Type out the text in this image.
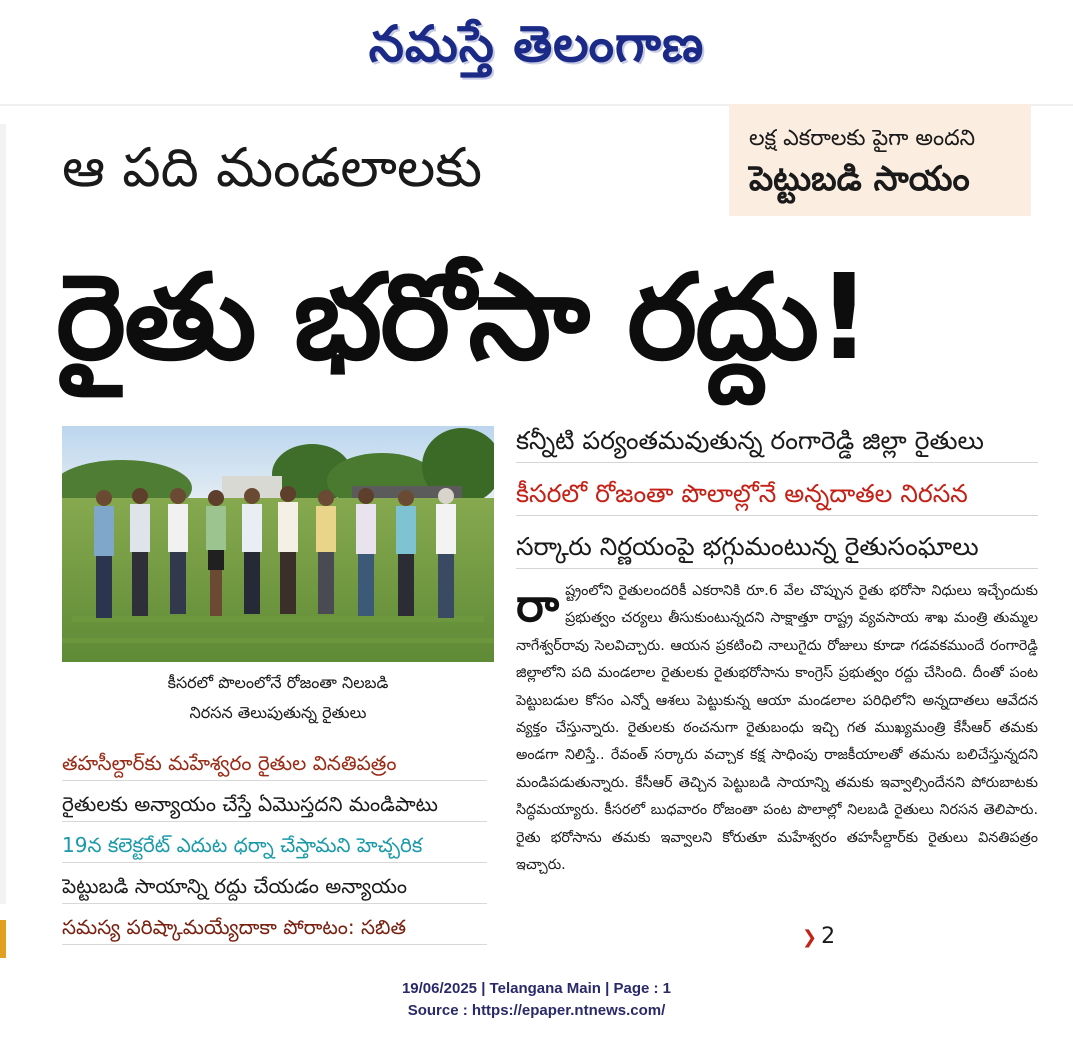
నమస్తే తెలంగాణ
ఆ పది మండలాలకు	లక్ష ఎకరాలకు పైగా అందని
పెట్టుబడి సాయం
రైతు భరోసా రద్దు!
కీసరలో పొలంలోనే రోజంతా నిలబడి
నిరసన తెలుపుతున్న రైతులు
కన్నీటి పర్యంతమవుతున్న రంగారెడ్డి జిల్లా రైతులు
కీసరలో రోజంతా పొలాల్లోనే అన్నదాతల నిరసన
సర్కారు నిర్ణయంపై భగ్గుమంటున్న రైతుసంఘాలు
రాష్ట్రంలోని రైతులందరికీ ఎకరానికి రూ.6 వేల చొప్పున రైతు భరోసా నిధులు ఇచ్చేందుకు ప్రభుత్వం చర్యలు తీసుకుంటున్నదని సాక్షాత్తూ రాష్ట్ర వ్యవసాయ శాఖ మంత్రి తుమ్మల నాగేశ్వర్‌రావు సెలవిచ్చారు. ఆయన ప్రకటించి నాలుగైదు రోజులు కూడా గడవకముందే రంగారెడ్డి జిల్లాలోని పది మండలాల రైతులకు రైతుభరోసాను కాంగ్రెస్ ప్రభుత్వం రద్దు చేసింది. దీంతో పంట పెట్టుబడుల కోసం ఎన్నో ఆశలు పెట్టుకున్న ఆయా మండలాల పరిధిలోని అన్నదాతలు ఆవేదన వ్యక్తం చేస్తున్నారు. రైతులకు ఠంచనుగా రైతుబంధు ఇచ్చి గత ముఖ్యమంత్రి కేసీఆర్ తమకు అండగా నిలిస్తే.. రేవంత్ సర్కారు వచ్చాక కక్ష సాధింపు రాజకీయాలతో తమను బలిచేస్తున్నదని మండిపడుతున్నారు. కేసీఆర్ తెచ్చిన పెట్టుబడి సాయాన్ని తమకు ఇవ్వాల్సిందేనని పోరుబాటకు సిద్ధమయ్యారు. కీసరలో బుధవారం రోజంతా పంట పొలాల్లో నిలబడి రైతులు నిరసన తెలిపారు. రైతు భరోసాను తమకు ఇవ్వాలని కోరుతూ మహేశ్వరం తహసీల్దార్‌కు రైతులు వినతిపత్రం ఇచ్చారు.
❯ 2
తహసీల్దార్‌కు మహేశ్వరం రైతుల వినతిపత్రం
రైతులకు అన్యాయం చేస్తే ఏమొస్తదని మండిపాటు
19న కలెక్టరేట్ ఎదుట ధర్నా చేస్తామని హెచ్చరిక
పెట్టుబడి సాయాన్ని రద్దు చేయడం అన్యాయం
సమస్య పరిష్కామయ్యేదాకా పోరాటం: సబిత
19/06/2025 | Telangana Main | Page : 1
Source : https://epaper.ntnews.com/
